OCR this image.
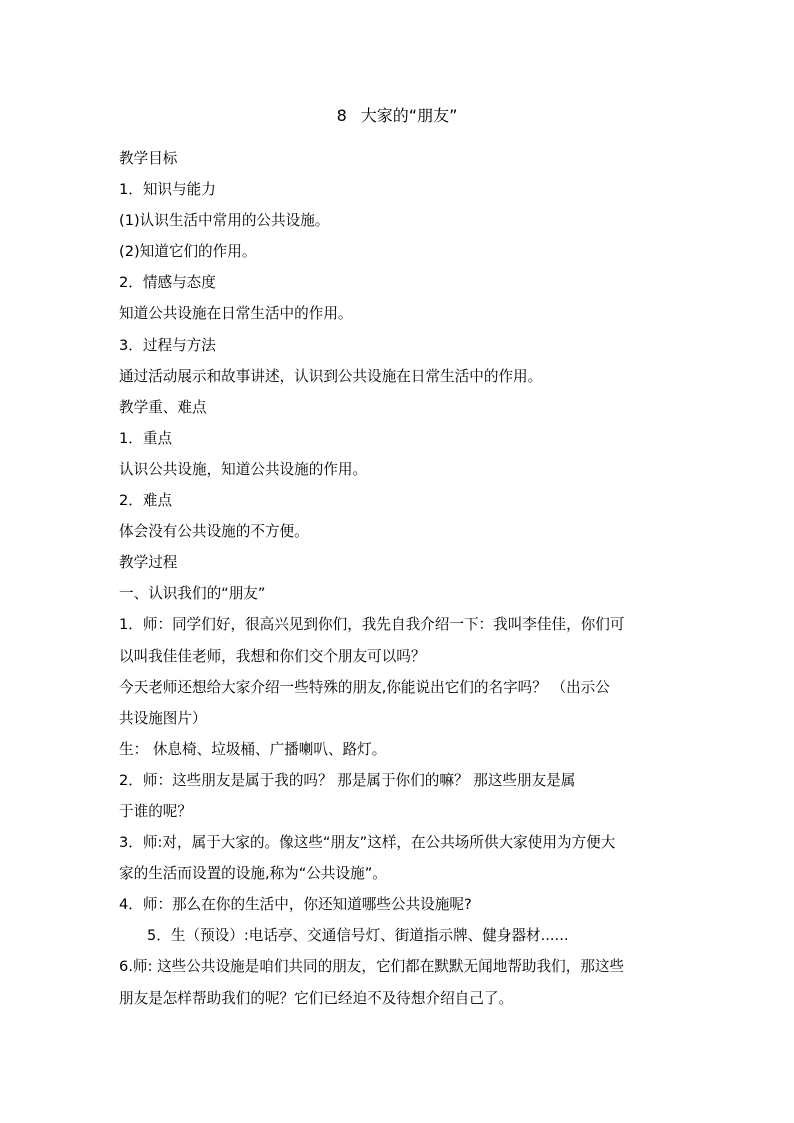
8 大家的“朋友”

教学目标

1．知识与能力

(1)认识生活中常用的公共设施。

(2)知道它们的作用。

2．情感与态度

知道公共设施在日常生活中的作用。

3．过程与方法

通过活动展示和故事讲述，认识到公共设施在日常生活中的作用。

教学重、难点

1．重点

认识公共设施，知道公共设施的作用。

2．难点

体会没有公共设施的不方便。

教学过程

一、认识我们的“朋友”

1．师：同学们好，很高兴见到你们，我先自我介绍一下：我叫李佳佳，你们可

以叫我佳佳老师，我想和你们交个朋友可以吗？

今天老师还想给大家介绍一些特殊的朋友,你能说出它们的名字吗？ （出示公

共设施图片）

生： 休息椅、垃圾桶、广播喇叭、路灯。

2．师：这些朋友是属于我的吗？ 那是属于你们的嘛？ 那这些朋友是属

于谁的呢？

3．师:对，属于大家的。像这些“朋友”这样，在公共场所供大家使用为方便大

家的生活而设置的设施,称为“公共设施”。

4．师：那么在你的生活中，你还知道哪些公共设施呢?

5．生（预设）:电话亭、交通信号灯、街道指示牌、健身器材......

6.师: 这些公共设施是咱们共同的朋友，它们都在默默无闻地帮助我们，那这些

朋友是怎样帮助我们的呢？它们已经迫不及待想介绍自己了。
